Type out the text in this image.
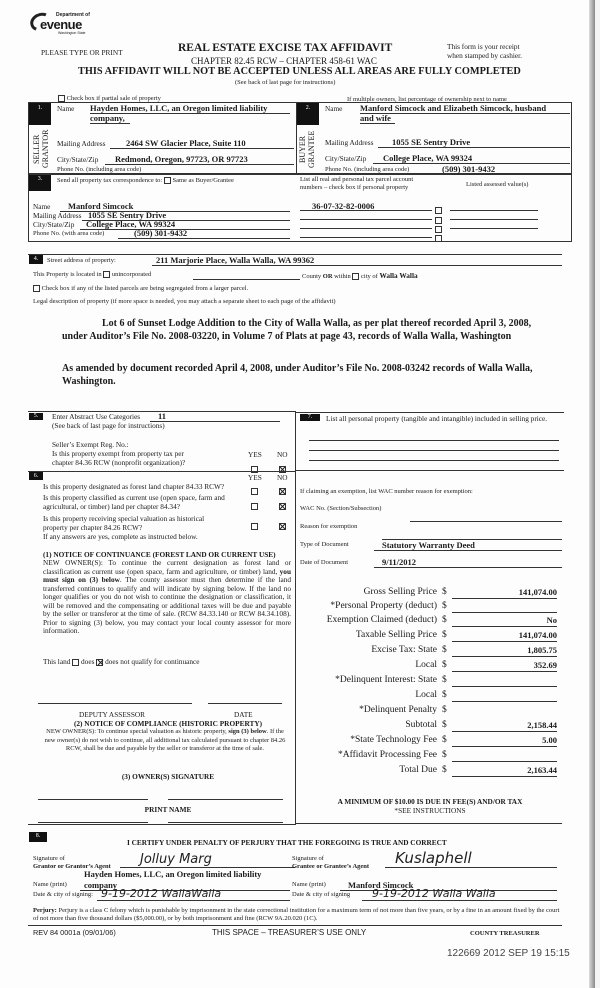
Department of
evenue
Washington State
PLEASE TYPE OR PRINT	REAL ESTATE EXCISE TAX AFFIDAVIT
CHAPTER 82.45 RCW – CHAPTER 458-61 WAC
This form is your receipt
when stamped by cashier.
THIS AFFIDAVIT WILL NOT BE ACCEPTED UNLESS ALL AREAS ARE FULLY COMPLETED
(See back of last page for instructions)
Check box if partial sale of property	If multiple owners, list percentage of ownership next to name
1.
SELLER
GRANTOR
Name Hayden Homes, LLC, an Oregon limited liability
company,
Mailing Address	2464 SW Glacier Place, Suite 110
City/State/Zip	Redmond, Oregon, 97723, OR 97723
Phone No. (including area code)
2.
BUYER
GRANTEE
Name Manford Simcock and Elizabeth Simcock, husband
and wife
Mailing Address	1055 SE Sentry Drive
City/State/Zip	College Place, WA 99324
Phone No. (including area code)	(509) 301-9432
3.	Send all property tax correspondence to: Same as Buyer/Grantee
Name	Manford Simcock
Mailing Address 1055 SE Sentry Drive
City/State/Zip	College Place, WA 99324
Phone No. (with area code)	(509) 301-9432
List all real and personal tax parcel account
numbers – check box if personal property	Listed assessed value(s)
36-07-32-82-0006
4.	Street address of property:	211 Marjorie Place, Walla Walla, WA 99362
This Property is located in unincorporated	County OR within city of Walla Walla
Check box if any of the listed parcels are being segregated from a larger parcel.
Legal description of property (if more space is needed, you may attach a separate sheet to each page of the affidavit)
Lot 6 of Sunset Lodge Addition to the City of Walla Walla, as per plat thereof recorded April 3, 2008, under Auditor’s File No. 2008-03220, in Volume 7 of Plats at page 43, records of Walla Walla, Washington
As amended by document recorded April 4, 2008, under Auditor’s File No. 2008-03242 records of Walla Walla, Washington.
5.	Enter Abstract Use Categories	11
(See back of last page for instructions)
Seller’s Exempt Reg. No.:
Is this property exempt from property tax per
chapter 84.36 RCW (nonprofit organization)?
YES NO
6.	YES NO
Is this property designated as forest land chapter 84.33 RCW?
Is this property classified as current use (open space, farm and
agricultural, or timber) land per chapter 84.34?
Is this property receiving special valuation as historical
property per chapter 84.26 RCW?
If any answers are yes, complete as instructed below.
(1) NOTICE OF CONTINUANCE (FOREST LAND OR CURRENT USE)
NEW OWNER(S): To continue the current designation as forest land or classification as current use (open space, farm and agriculture, or timber) land, you must sign on (3) below. The county assessor must then determine if the land transferred continues to qualify and will indicate by signing below. If the land no longer qualifies or you do not wish to continue the designation or classification, it will be removed and the compensating or additional taxes will be due and payable by the seller or transferor at the time of sale. (RCW 84.33.140 or RCW 84.34.108). Prior to signing (3) below, you may contact your local county assessor for more information.
This land does does not qualify for continuance
DEPUTY ASSESSOR	DATE
(2) NOTICE OF COMPLIANCE (HISTORIC PROPERTY)
NEW OWNER(S): To continue special valuation as historic property, sign (3) below. If the new owner(s) do not wish to continue, all additional tax calculated pursuant to chapter 84.26 RCW, shall be due and payable by the seller or transferor at the time of sale.
(3) OWNER(S) SIGNATURE
PRINT NAME
7.	List all personal property (tangible and intangible) included in selling price.
If claiming an exemption, list WAC number reason for exemption:
WAC No. (Section/Subsection)
Reason for exemption
Type of Document	Statutory Warranty Deed
Date of Document	9/11/2012
Gross Selling Price $	141,074.00
*Personal Property (deduct) $
Exemption Claimed (deduct) $	No
Taxable Selling Price $	141,074.00
Excise Tax: State $	1,805.75
Local $	352.69
*Delinquent Interest: State $
Local $
*Delinquent Penalty $
Subtotal $	2,158.44
*State Technology Fee $	5.00
*Affidavit Processing Fee $
Total Due $	2,163.44
A MINIMUM OF $10.00 IS DUE IN FEE(S) AND/OR TAX
*SEE INSTRUCTIONS
8.
I CERTIFY UNDER PENALTY OF PERJURY THAT THE FOREGOING IS TRUE AND CORRECT
Signature of
Grantor or Grantor’s Agent	Jolluy Marg
Hayden Homes, LLC, an Oregon limited liability
Name (print)	company
Date & city of signing: 9-19-2012 WallaWalla
Signature of
Grantee or Grantee’s Agent	Kuslaphell
Name (print)	Manford Simcock
Date & city of signing	9-19-2012 Walla Walla
Perjury: Perjury is a class C felony which is punishable by imprisonment in the state correctional institution for a maximum term of not more than five years, or by a fine in an amount fixed by the court of not more than five thousand dollars ($5,000.00), or by both imprisonment and fine (RCW 9A.20.020 (1C).
REV 84 0001a (09/01/06)	THIS SPACE – TREASURER’S USE ONLY	COUNTY TREASURER
122669 2012 SEP 19 15:15
